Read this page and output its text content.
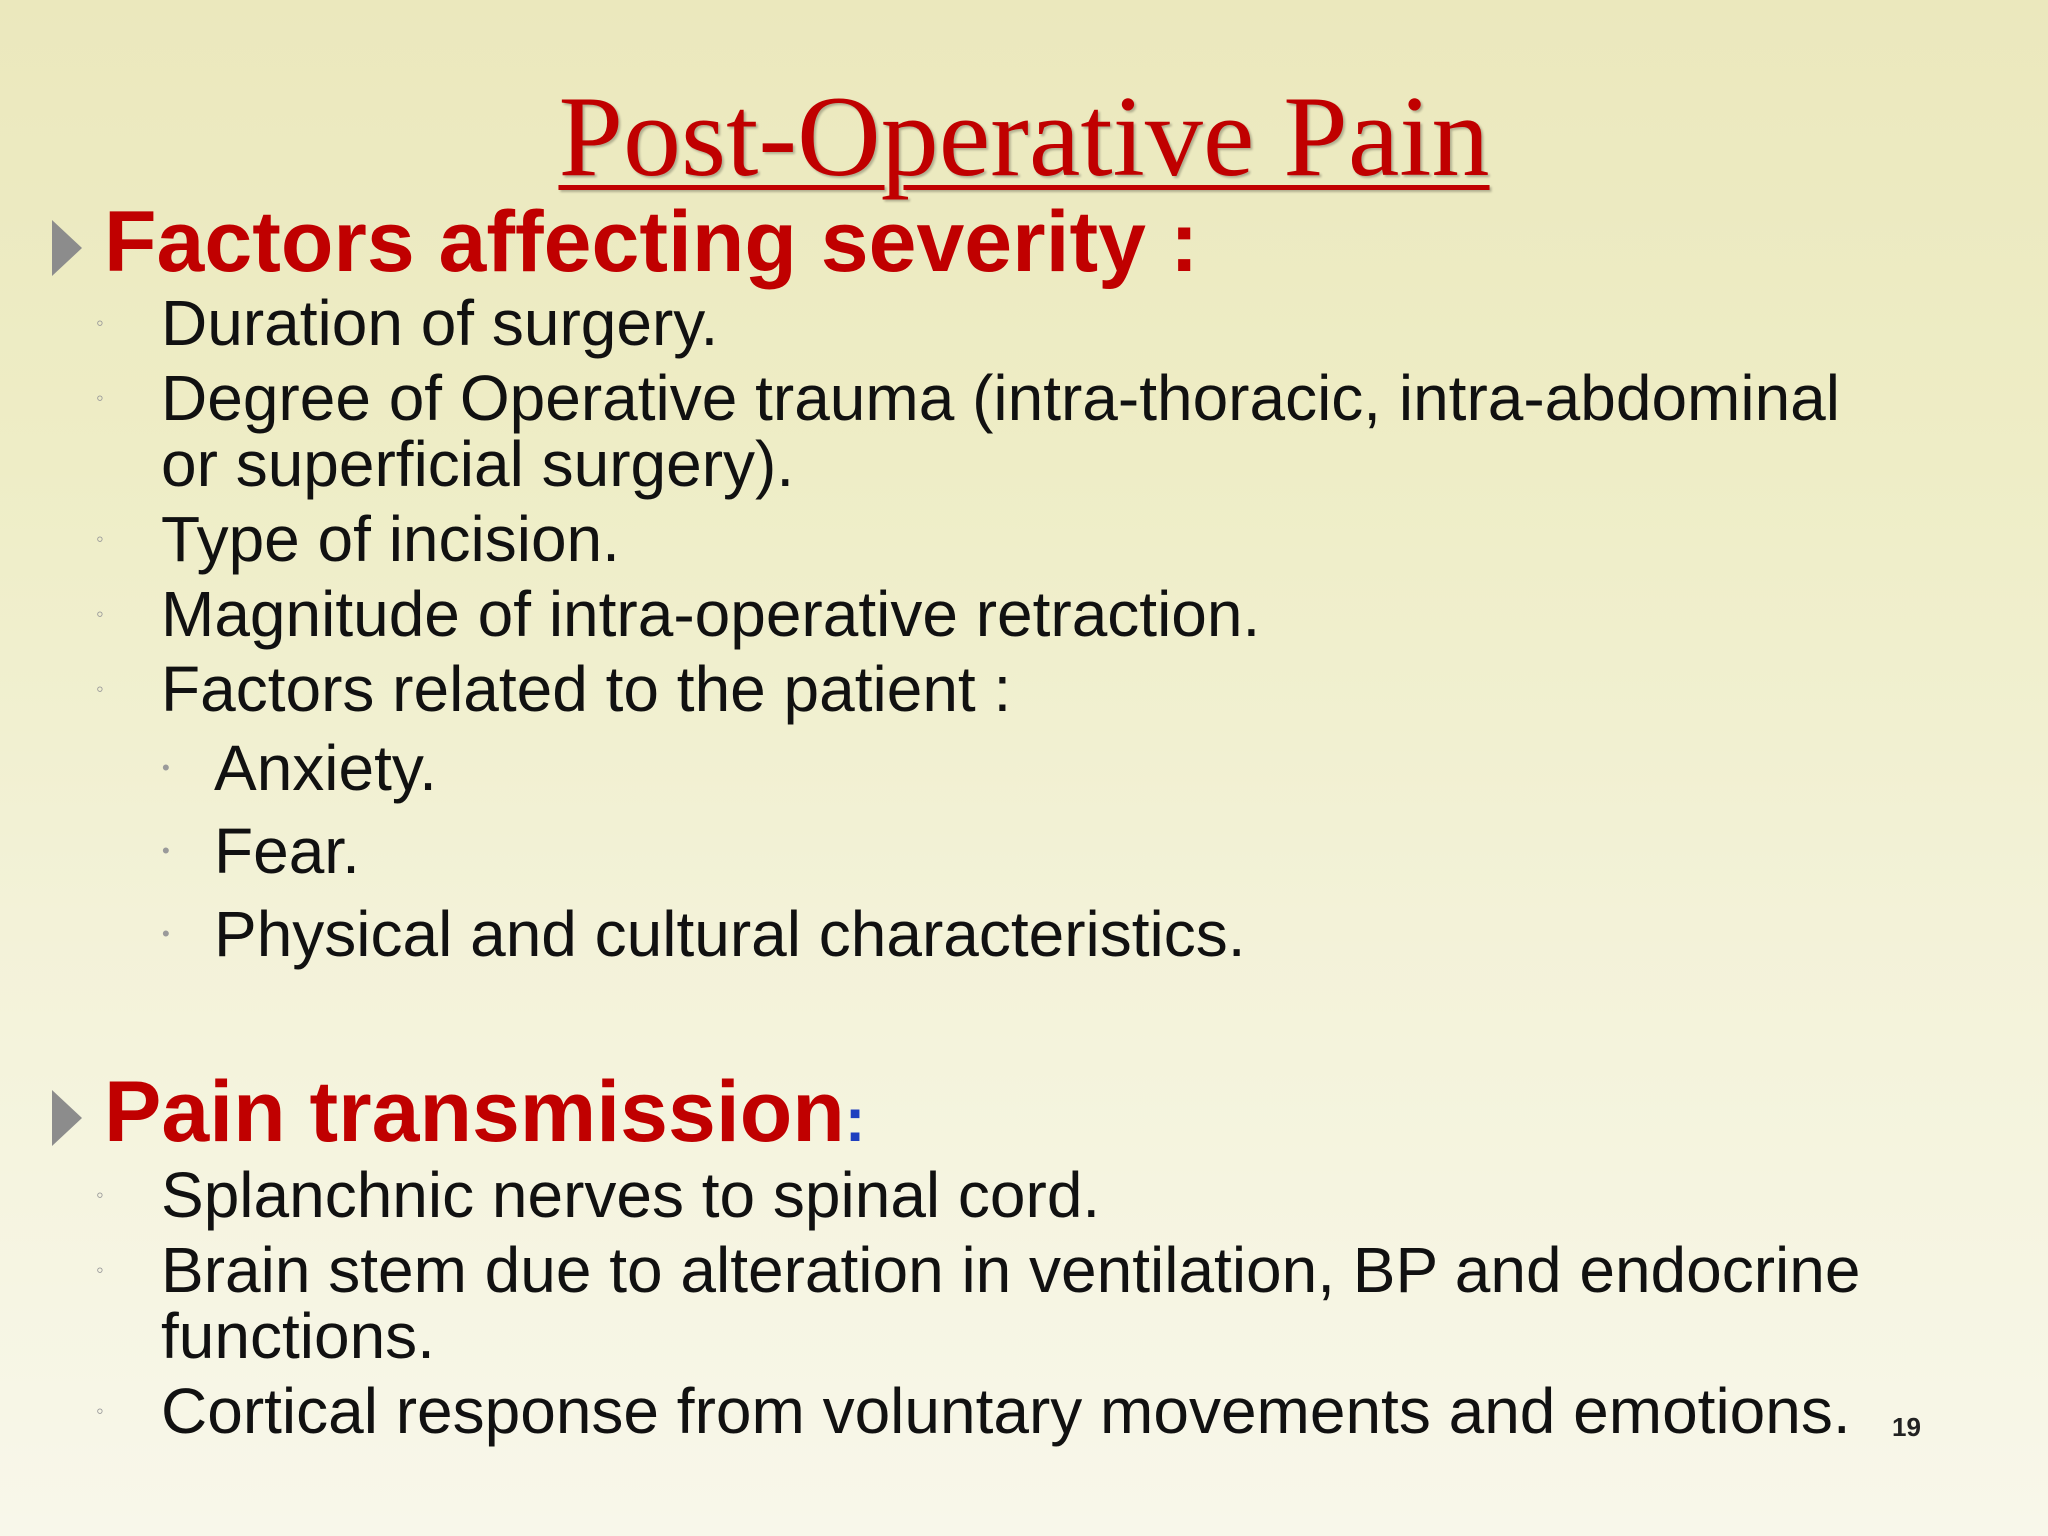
Post-Operative Pain
Factors affecting severity :
◦ Duration of surgery.
◦ Degree of Operative trauma (intra-thoracic, intra-abdominal or superficial surgery).
◦ Type of incision.
◦ Magnitude of intra-operative retraction.
◦ Factors related to the patient :
• Anxiety.
• Fear.
• Physical and cultural characteristics.
Pain transmission:
◦ Splanchnic nerves to spinal cord.
◦ Brain stem due to alteration in ventilation, BP and endocrine functions.
◦ Cortical response from voluntary movements and emotions.	19
